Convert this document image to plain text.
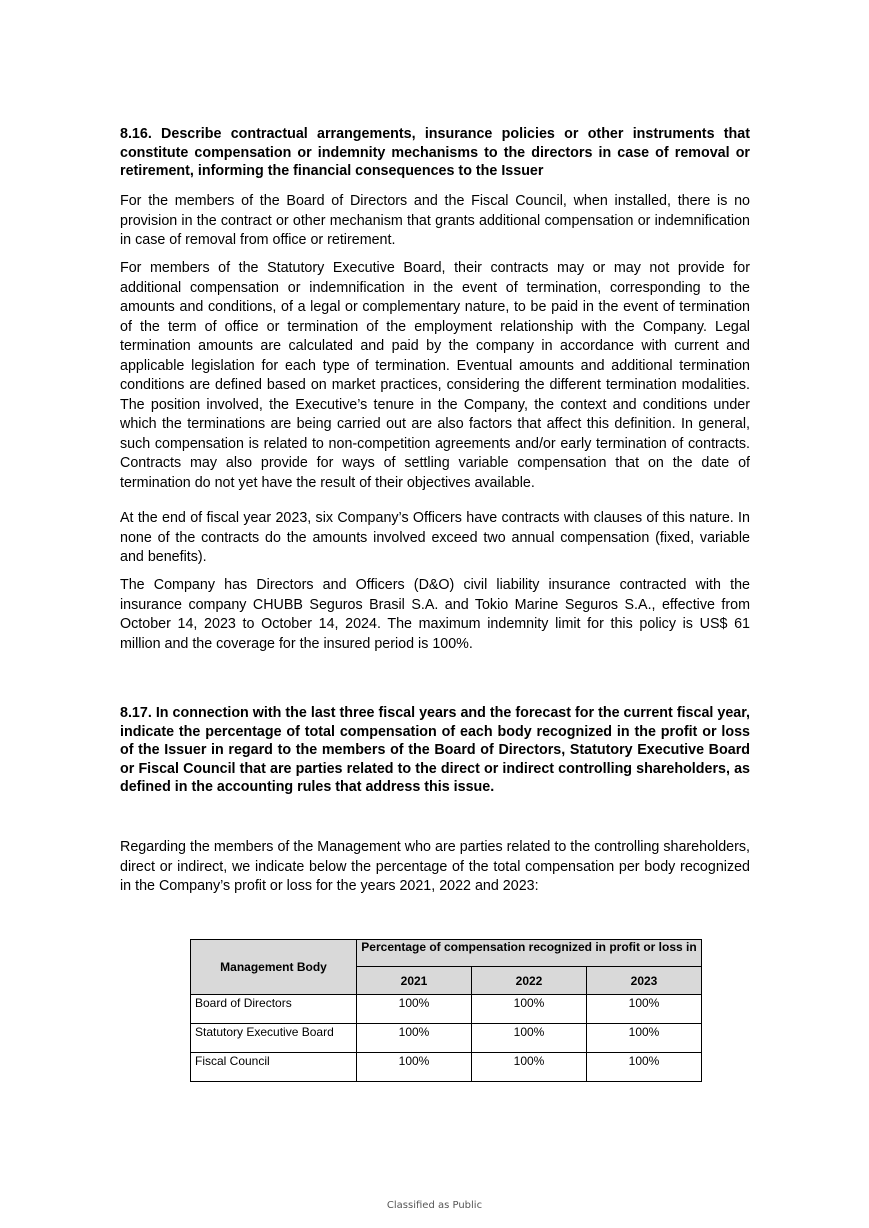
8.16. Describe contractual arrangements, insurance policies or other instruments that constitute compensation or indemnity mechanisms to the directors in case of removal or retirement, informing the financial consequences to the Issuer

For the members of the Board of Directors and the Fiscal Council, when installed, there is no provision in the contract or other mechanism that grants additional compensation or indemnification in case of removal from office or retirement.

For members of the Statutory Executive Board, their contracts may or may not provide for additional compensation or indemnification in the event of termination, corresponding to the amounts and conditions, of a legal or complementary nature, to be paid in the event of termination of the term of office or termination of the employment relationship with the Company. Legal termination amounts are calculated and paid by the company in accordance with current and applicable legislation for each type of termination. Eventual amounts and additional termination conditions are defined based on market practices, considering the different termination modalities. The position involved, the Executive’s tenure in the Company, the context and conditions under which the terminations are being carried out are also factors that affect this definition. In general, such compensation is related to non-competition agreements and/or early termination of contracts. Contracts may also provide for ways of settling variable compensation that on the date of termination do not yet have the result of their objectives available.

At the end of fiscal year 2023, six Company’s Officers have contracts with clauses of this nature. In none of the contracts do the amounts involved exceed two annual compensation (fixed, variable and benefits).

The Company has Directors and Officers (D&O) civil liability insurance contracted with the insurance company CHUBB Seguros Brasil S.A. and Tokio Marine Seguros S.A., effective from October 14, 2023 to October 14, 2024. The maximum indemnity limit for this policy is US$ 61 million and the coverage for the insured period is 100%.

8.17. In connection with the last three fiscal years and the forecast for the current fiscal year, indicate the percentage of total compensation of each body recognized in the profit or loss of the Issuer in regard to the members of the Board of Directors, Statutory Executive Board or Fiscal Council that are parties related to the direct or indirect controlling shareholders, as defined in the accounting rules that address this issue.

Regarding the members of the Management who are parties related to the controlling shareholders, direct or indirect, we indicate below the percentage of the total compensation per body recognized in the Company’s profit or loss for the years 2021, 2022 and 2023:

Management Body	Percentage of compensation recognized in profit or loss in		
	2021	2022	2023
Board of Directors	100%	100%	100%
Statutory Executive Board	100%	100%	100%
Fiscal Council	100%	100%	100%
Classified as Public
